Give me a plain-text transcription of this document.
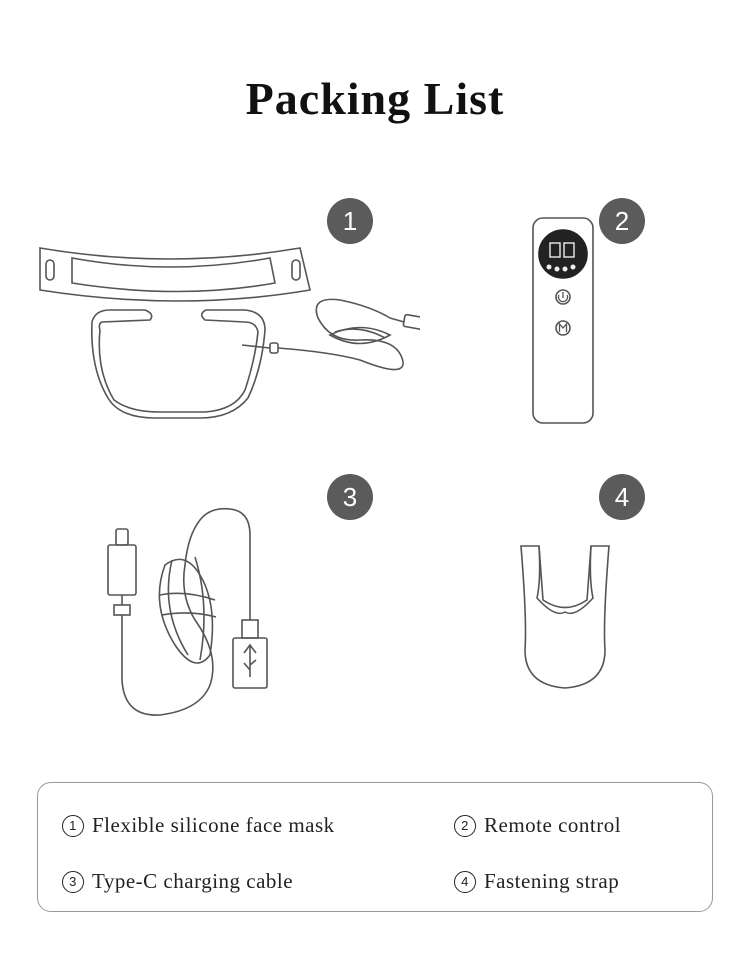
Packing List
1	2
3	4
1 Flexible silicone face mask	2 Remote control
3 Type-C charging cable	4 Fastening strap
